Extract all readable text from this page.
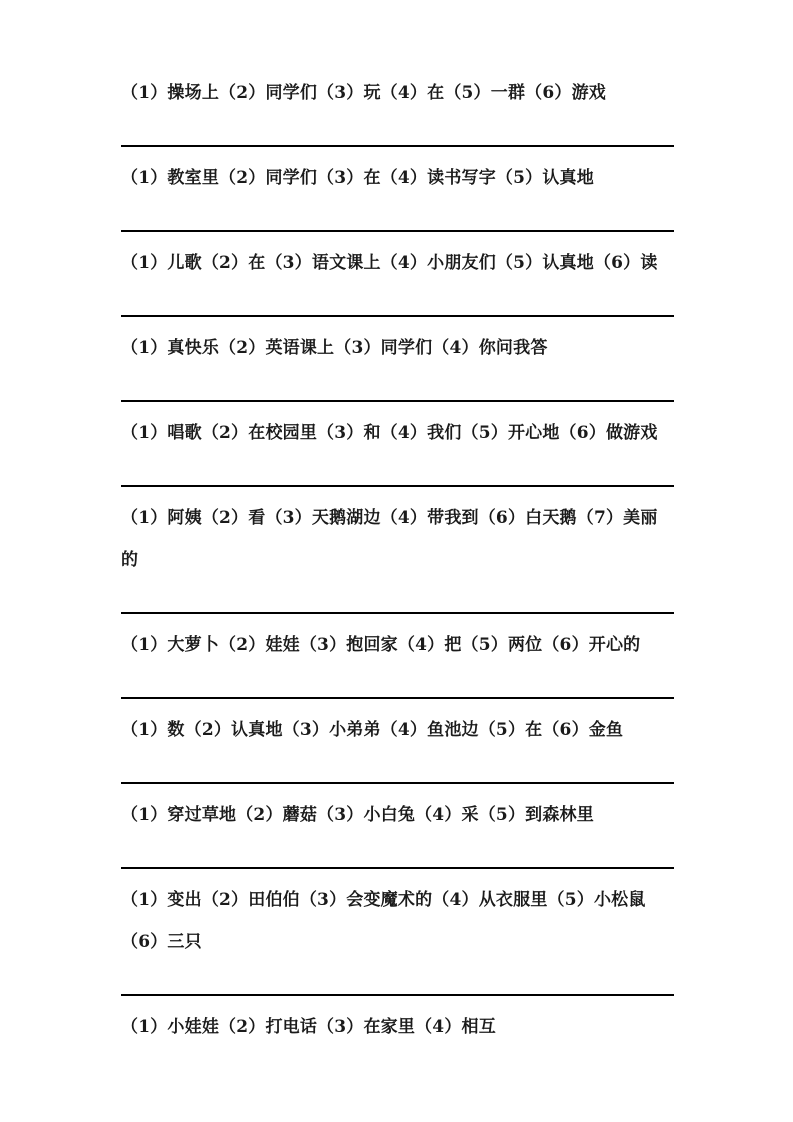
（1）操场上（2）同学们（3）玩（4）在（5）一群（6）游戏
（1）教室里（2）同学们（3）在（4）读书写字（5）认真地
（1）儿歌（2）在（3）语文课上（4）小朋友们（5）认真地（6）读
（1）真快乐（2）英语课上（3）同学们（4）你问我答
（1）唱歌（2）在校园里（3）和（4）我们（5）开心地（6）做游戏
（1）阿姨（2）看（3）天鹅湖边（4）带我到（6）白天鹅（7）美丽的
（1）大萝卜（2）娃娃（3）抱回家（4）把（5）两位（6）开心的
（1）数（2）认真地（3）小弟弟（4）鱼池边（5）在（6）金鱼
（1）穿过草地（2）蘑菇（3）小白兔（4）采（5）到森林里
（1）变出（2）田伯伯（3）会变魔术的（4）从衣服里（5）小松鼠（6）三只
（1）小娃娃（2）打电话（3）在家里（4）相互
